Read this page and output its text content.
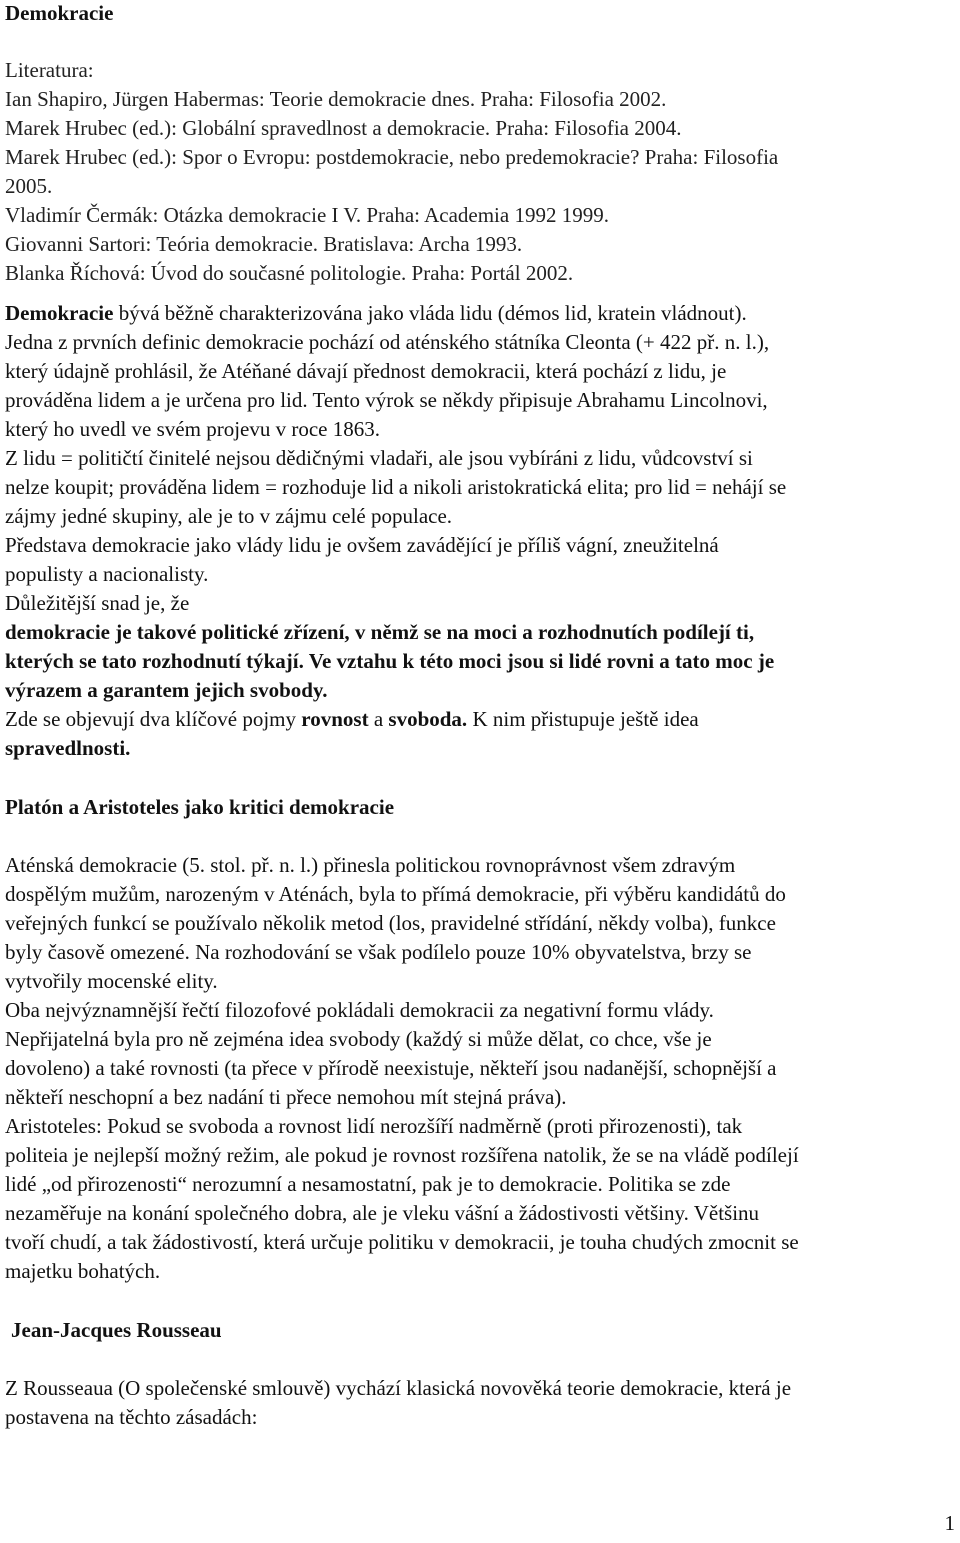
Demokracie
Literatura:
Ian Shapiro, Jürgen Habermas: Teorie demokracie dnes. Praha: Filosofia 2002.
Marek Hrubec (ed.): Globální spravedlnost a demokracie. Praha: Filosofia 2004.
Marek Hrubec (ed.): Spor o Evropu: postdemokracie, nebo predemokracie? Praha: Filosofia
2005.
Vladimír Čermák: Otázka demokracie I V. Praha: Academia 1992 1999.
Giovanni Sartori: Teória demokracie. Bratislava: Archa 1993.
Blanka Říchová: Úvod do současné politologie. Praha: Portál 2002.
Demokracie bývá běžně charakterizována jako vláda lidu (démos lid, kratein vládnout).
Jedna z prvních definic demokracie pochází od aténského státníka Cleonta (+ 422 př. n. l.),
který údajně prohlásil, že Atéňané dávají přednost demokracii, která pochází z lidu, je
prováděna lidem a je určena pro lid. Tento výrok se někdy připisuje Abrahamu Lincolnovi,
který ho uvedl ve svém projevu v roce 1863.
Z lidu = političtí činitelé nejsou dědičnými vladaři, ale jsou vybíráni z lidu, vůdcovství si
nelze koupit; prováděna lidem = rozhoduje lid a nikoli aristokratická elita; pro lid = nehájí se
zájmy jedné skupiny, ale je to v zájmu celé populace.
Představa demokracie jako vlády lidu je ovšem zavádějící je příliš vágní, zneužitelná
populisty a nacionalisty.
Důležitější snad je, že
demokracie je takové politické zřízení, v němž se na moci a rozhodnutích podílejí ti,
kterých se tato rozhodnutí týkají. Ve vztahu k této moci jsou si lidé rovni a tato moc je
výrazem a garantem jejich svobody.
Zde se objevují dva klíčové pojmy rovnost a svoboda. K nim přistupuje ještě idea
spravedlnosti.
Platón a Aristoteles jako kritici demokracie
Aténská demokracie (5. stol. př. n. l.) přinesla politickou rovnoprávnost všem zdravým
dospělým mužům, narozeným v Aténách, byla to přímá demokracie, při výběru kandidátů do
veřejných funkcí se používalo několik metod (los, pravidelné střídání, někdy volba), funkce
byly časově omezené. Na rozhodování se však podílelo pouze 10% obyvatelstva, brzy se
vytvořily mocenské elity.
Oba nejvýznamnější řečtí filozofové pokládali demokracii za negativní formu vlády.
Nepřijatelná byla pro ně zejména idea svobody (každý si může dělat, co chce, vše je
dovoleno) a také rovnosti (ta přece v přírodě neexistuje, někteří jsou nadanější, schopnější a
někteří neschopní a bez nadání ti přece nemohou mít stejná práva).
Aristoteles: Pokud se svoboda a rovnost lidí nerozšíří nadměrně (proti přirozenosti), tak
politeia je nejlepší možný režim, ale pokud je rovnost rozšířena natolik, že se na vládě podílejí
lidé „od přirozenosti“ nerozumní a nesamostatní, pak je to demokracie. Politika se zde
nezaměřuje na konání společného dobra, ale je vleku vášní a žádostivosti většiny. Většinu
tvoří chudí, a tak žádostivostí, která určuje politiku v demokracii, je touha chudých zmocnit se
majetku bohatých.
Jean-Jacques Rousseau
Z Rousseaua (O společenské smlouvě) vychází klasická novověká teorie demokracie, která je
postavena na těchto zásadách:
1
